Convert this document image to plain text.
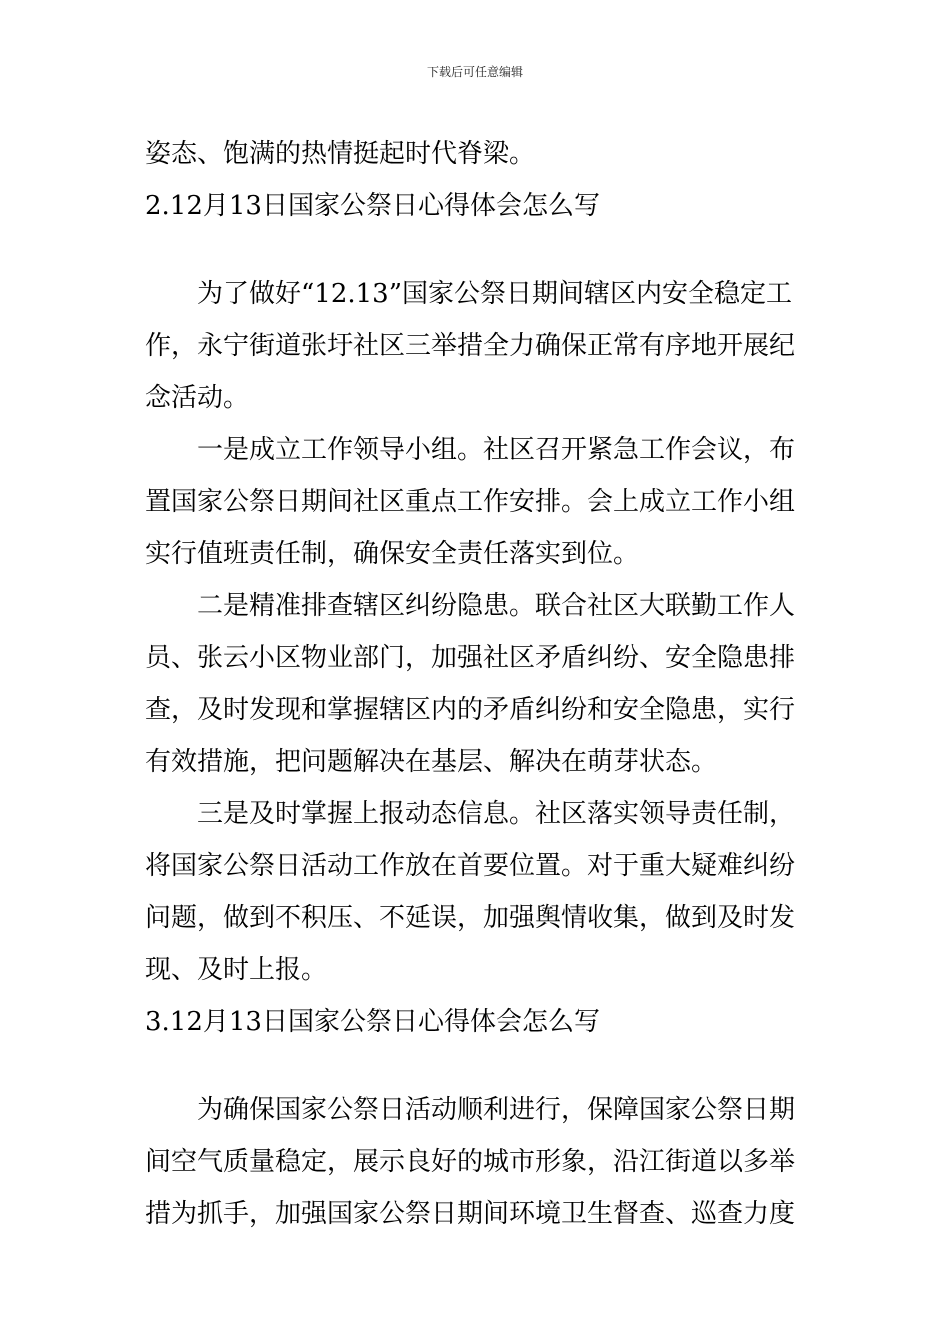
下载后可任意编辑
姿态、饱满的热情挺起时代脊梁。
2.12月13日国家公祭日心得体会怎么写
为了做好“12.13”国家公祭日期间辖区内安全稳定工
作，永宁街道张圩社区三举措全力确保正常有序地开展纪
念活动。
一是成立工作领导小组。社区召开紧急工作会议，布
置国家公祭日期间社区重点工作安排。会上成立工作小组
实行值班责任制，确保安全责任落实到位。
二是精准排查辖区纠纷隐患。联合社区大联勤工作人
员、张云小区物业部门，加强社区矛盾纠纷、安全隐患排
查，及时发现和掌握辖区内的矛盾纠纷和安全隐患，实行
有效措施，把问题解决在基层、解决在萌芽状态。
三是及时掌握上报动态信息。社区落实领导责任制，
将国家公祭日活动工作放在首要位置。对于重大疑难纠纷
问题，做到不积压、不延误，加强舆情收集，做到及时发
现、及时上报。
3.12月13日国家公祭日心得体会怎么写
为确保国家公祭日活动顺利进行，保障国家公祭日期
间空气质量稳定，展示良好的城市形象，沿江街道以多举
措为抓手，加强国家公祭日期间环境卫生督查、巡查力度
